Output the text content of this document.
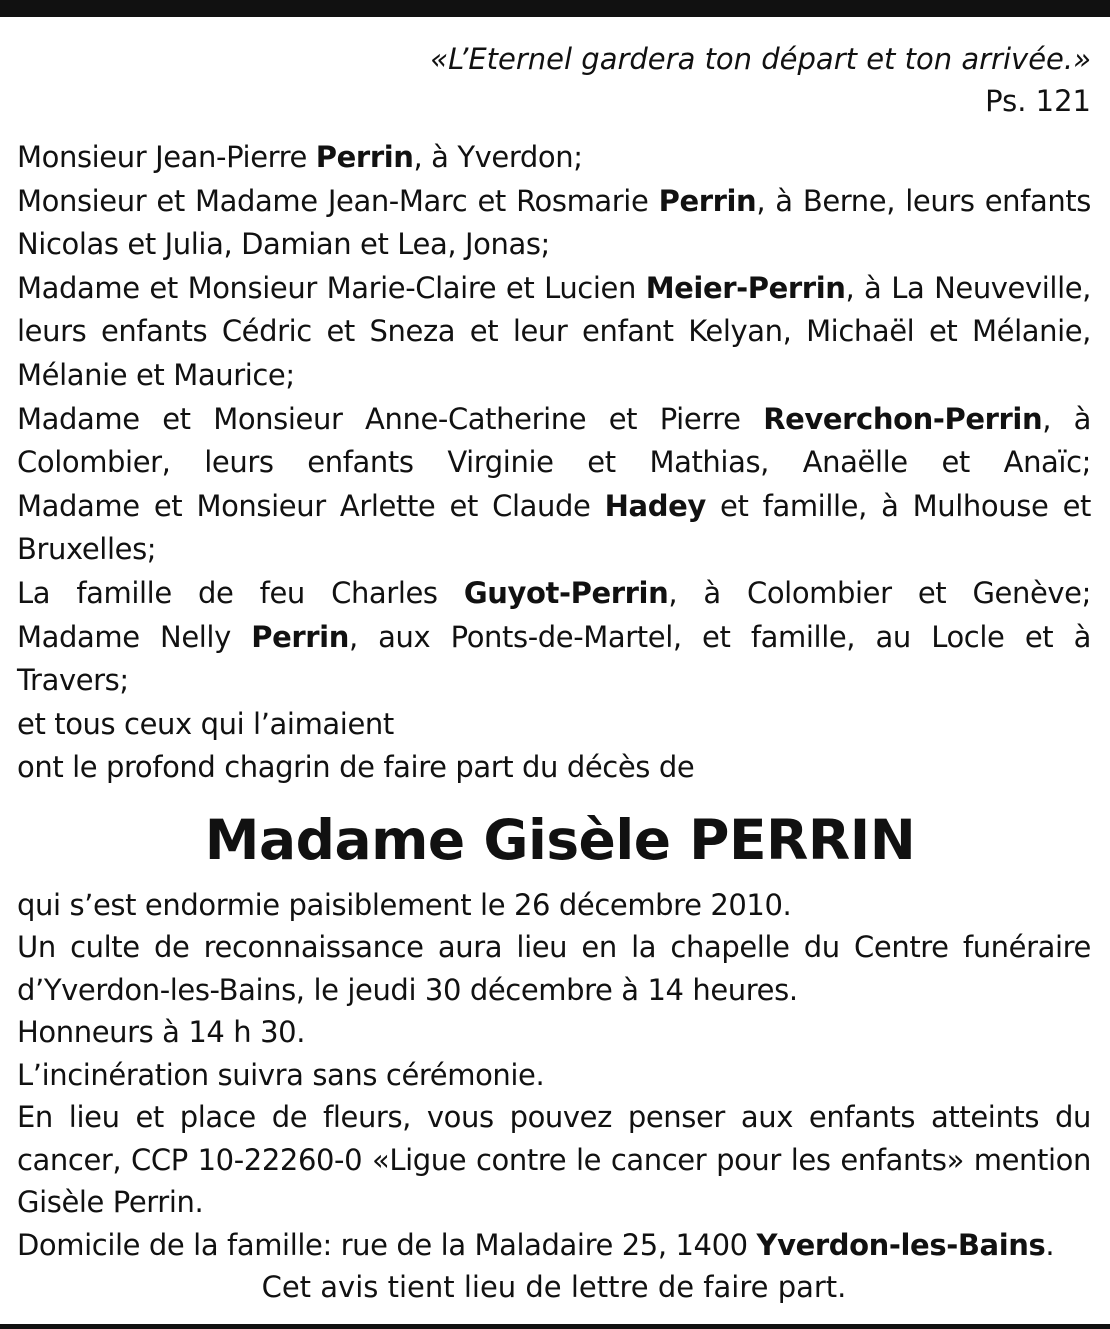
«L’Eternel gardera ton départ et ton arrivée.»
Ps. 121
Monsieur Jean-Pierre Perrin, à Yverdon;
Monsieur et Madame Jean-Marc et Rosmarie Perrin, à Berne, leurs enfants Nicolas et Julia, Damian et Lea, Jonas;
Madame et Monsieur Marie-Claire et Lucien Meier-Perrin, à La Neuveville, leurs enfants Cédric et Sneza et leur enfant Kelyan, Michaël et Mélanie, Mélanie et Maurice;
Madame et Monsieur Anne-Catherine et Pierre Reverchon-Perrin, à Colombier, leurs enfants Virginie et Mathias, Anaëlle et Anaïc;
Madame et Monsieur Arlette et Claude Hadey et famille, à Mulhouse et Bruxelles;
La famille de feu Charles Guyot-Perrin, à Colombier et Genève;
Madame Nelly Perrin, aux Ponts-de-Martel, et famille, au Locle et à Travers;
et tous ceux qui l’aimaient
ont le profond chagrin de faire part du décès de
Madame Gisèle PERRIN
qui s’est endormie paisiblement le 26 décembre 2010.
Un culte de reconnaissance aura lieu en la chapelle du Centre funéraire d’Yverdon-les-Bains, le jeudi 30 décembre à 14 heures.
Honneurs à 14 h 30.
L’incinération suivra sans cérémonie.
En lieu et place de fleurs, vous pouvez penser aux enfants atteints du cancer, CCP 10-22260-0 «Ligue contre le cancer pour les enfants» mention Gisèle Perrin.
Domicile de la famille: rue de la Maladaire 25, 1400 Yverdon-les-Bains.
Cet avis tient lieu de lettre de faire part.
